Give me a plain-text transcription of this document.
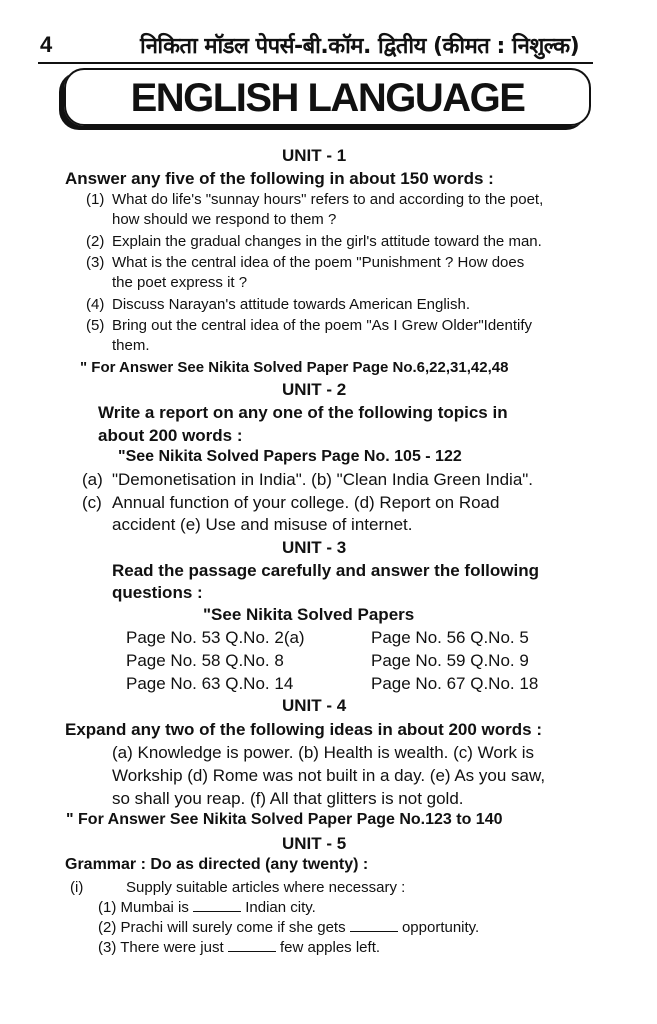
4	निकिता मॉडल पेपर्स-बी.कॉम. द्वितीय (कीमत : निशुल्क)
ENGLISH LANGUAGE
UNIT - 1
Answer any five of the following in about 150 words :
(1) What do life's "sunnay hours" refers to and according to the poet,
how should we respond to them ?
(2) Explain the gradual changes in the girl's attitude toward the man.
(3) What is the central idea of the poem "Punishment ? How does
the poet express it ?
(4) Discuss Narayan's attitude towards American English.
(5) Bring out the central idea of the poem "As I Grew Older"Identify
them.
" For Answer See Nikita Solved Paper Page No.6,22,31,42,48
UNIT - 2
Write a report on any one of the following topics in
about 200 words :
"See Nikita Solved Papers Page No. 105 - 122
(a) "Demonetisation in India". (b) "Clean India Green India".
(c) Annual function of your college. (d) Report on Road
accident (e) Use and misuse of internet.
UNIT - 3
Read the passage carefully and answer the following
questions :
"See Nikita Solved Papers
Page No. 53 Q.No. 2(a)	Page No. 56 Q.No. 5
Page No. 58 Q.No. 8	Page No. 59 Q.No. 9
Page No. 63 Q.No. 14	Page No. 67 Q.No. 18
UNIT - 4
Expand any two of the following ideas in about 200 words :
(a) Knowledge is power. (b) Health is wealth. (c) Work is
Workship (d) Rome was not built in a day. (e) As you saw,
so shall you reap. (f) All that glitters is not gold.
" For Answer See Nikita Solved Paper Page No.123 to 140
UNIT - 5
Grammar : Do as directed (any twenty) :
(i)	Supply suitable articles where necessary :
(1) Mumbai is	Indian city.
(2) Prachi will surely come if she gets	opportunity.
(3) There were just	few apples left.
